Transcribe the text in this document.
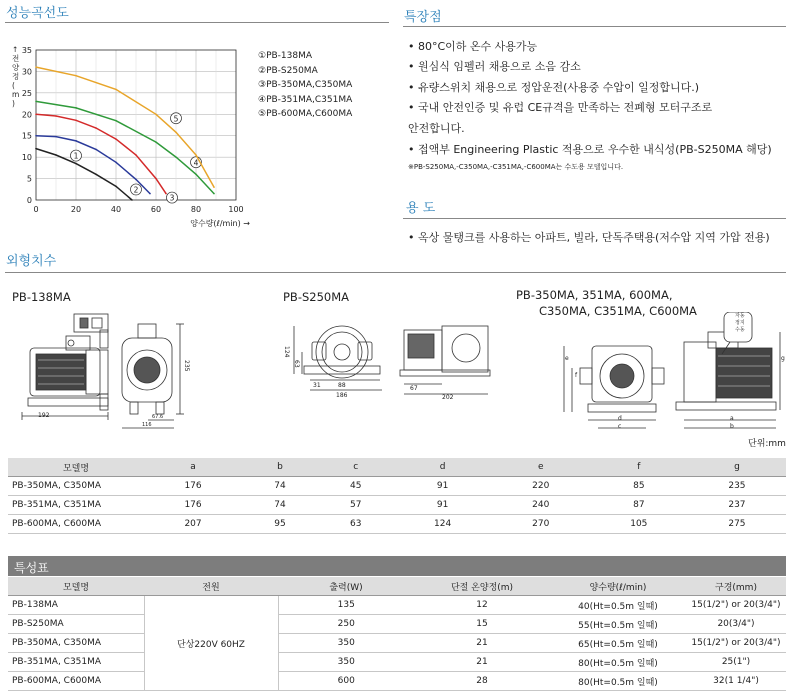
성능곡선도	특장점
용 도
외형치수
0	20	40	60	80	100
0
5
10
15
20
25
30
35
↑ 전 양 정 ( m )
양수량(ℓ/min) →
1
2
3
4
5
①PB-138MA
②PB-S250MA
③PB-350MA,C350MA
④PB-351MA,C351MA
⑤PB-600MA,C600MA
• 80°C이하 온수 사용가능
• 원심식 임펠러 채용으로 소음 감소
• 유량스위치 채용으로 정압운전(사용중 수압이 일정합니다.)
• 국내 안전인증 및 유럽 CE규격을 만족하는 전폐형 모터구조로
안전합니다.
• 접액부 Engineering Plastic 적용으로 우수한 내식성(PB-S250MA 해당)
※PB-S250MA,-C350MA,-C351MA,-C600MA는 수도용 모델입니다.
• 옥상 물탱크를 사용하는 아파트, 빌라, 단독주택용(저수압 지역 가압 전용)
PB-138MA	PB-S250MA	PB-350MA, 351MA, 600MA,
C350MA, C351MA, C600MA
192
235
67.6
116
124
63
31	88
186
67
202
자동
정지
수동
e
f
d
c
a
b
g
단위:mm
모델명	a	b	c	d	e	f	g
PB-350MA, C350MA	176	74	45	91	220	85	235
PB-351MA, C351MA	176	74	57	91	240	87	237
PB-600MA, C600MA	207	95	63	124	270	105	275
특성표
모델명	전원	출력(W)	단절 온양정(m)	양수량(ℓ/min)	구경(mm)
PB-138MA	단상220V 60HZ	135	12	40(Ht=0.5m 일때)	15(1/2") or 20(3/4")
PB-S250MA		250	15	55(Ht=0.5m 일때)	20(3/4")
PB-350MA, C350MA		350	21	65(Ht=0.5m 일때)	15(1/2") or 20(3/4")
PB-351MA, C351MA		350	21	80(Ht=0.5m 일때)	25(1")
PB-600MA, C600MA		600	28	80(Ht=0.5m 일때)	32(1 1/4")
